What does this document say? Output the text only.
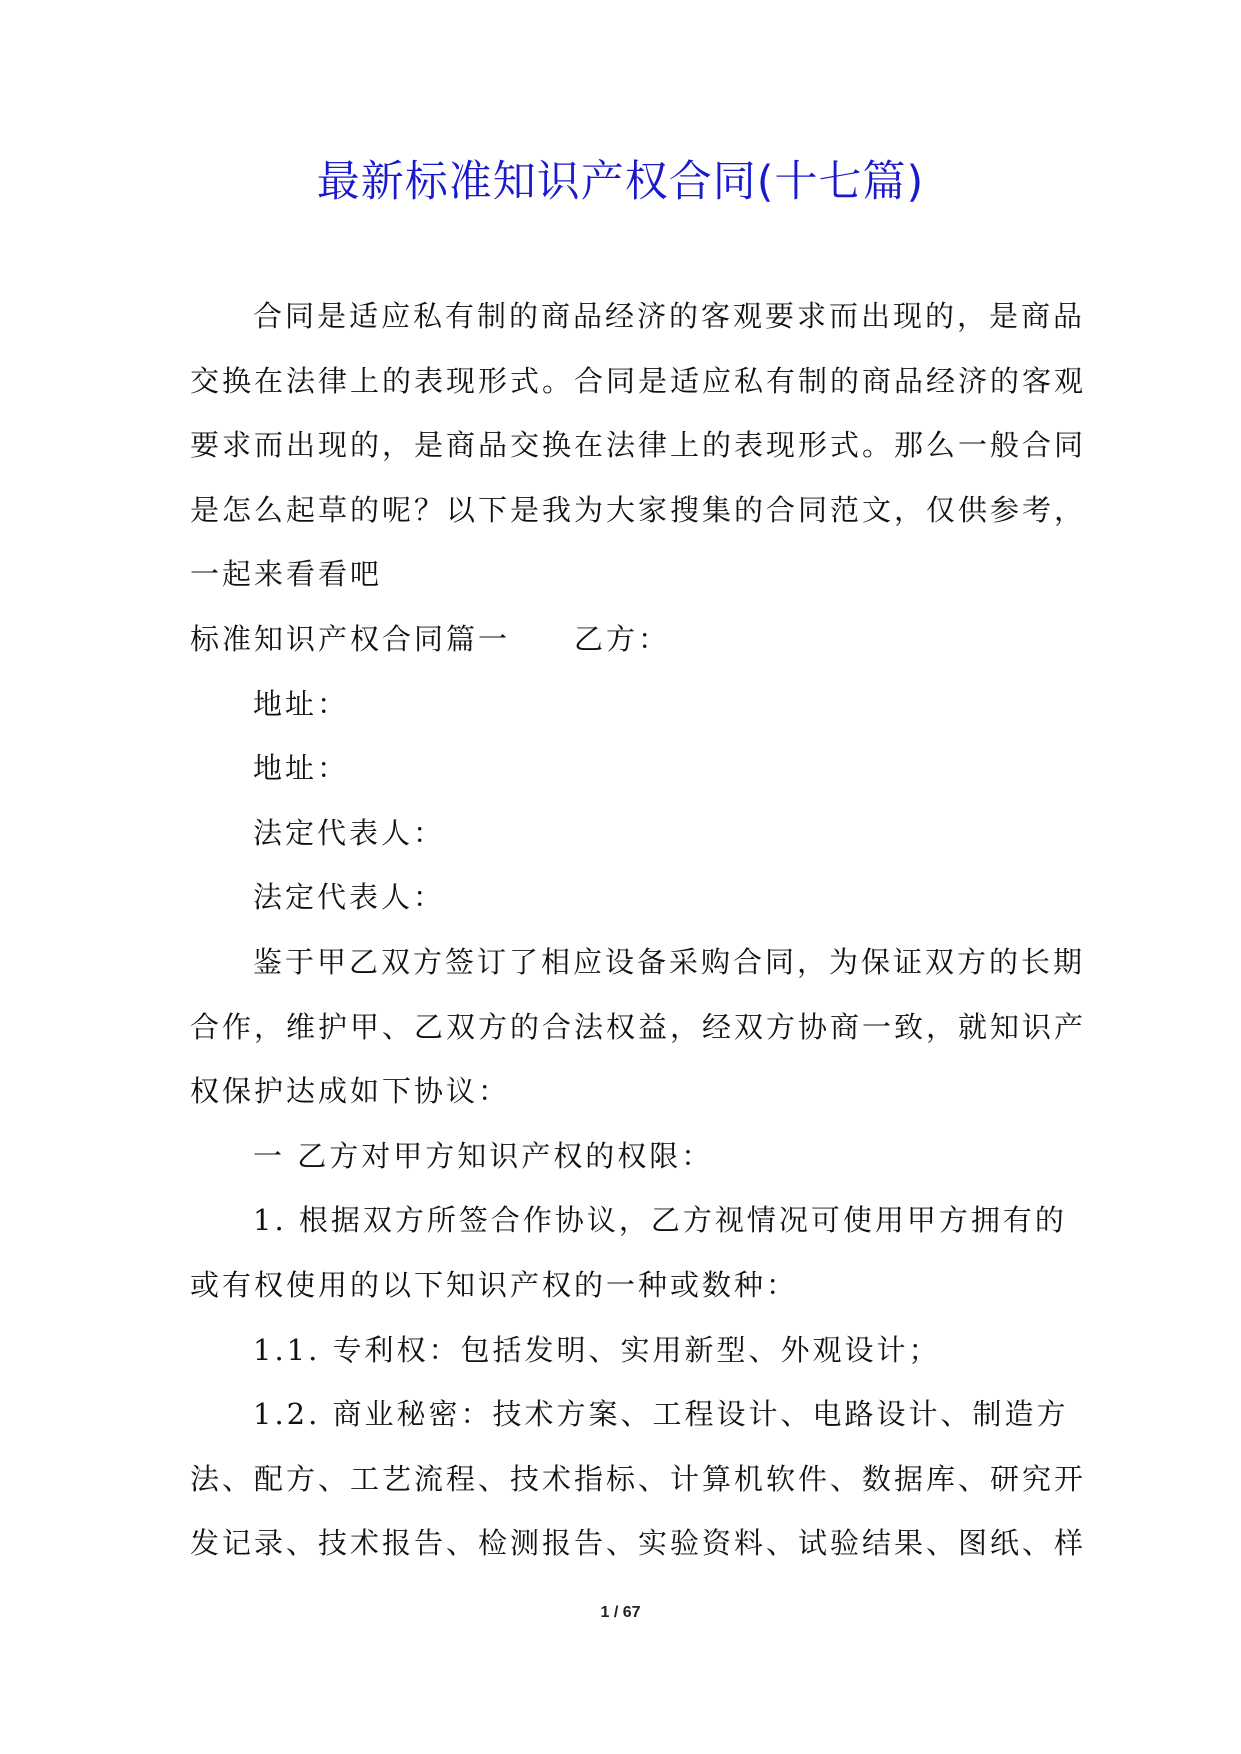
最新标准知识产权合同(十七篇)
合同是适应私有制的商品经济的客观要求而出现的，是商品
交换在法律上的表现形式。合同是适应私有制的商品经济的客观
要求而出现的，是商品交换在法律上的表现形式。那么一般合同
是怎么起草的呢？以下是我为大家搜集的合同范文，仅供参考，
一起来看看吧
标准知识产权合同篇一　　乙方：
地址：
地址：
法定代表人：
法定代表人：
鉴于甲乙双方签订了相应设备采购合同，为保证双方的长期
合作，维护甲、乙双方的合法权益，经双方协商一致，就知识产
权保护达成如下协议：
一 乙方对甲方知识产权的权限：
1. 根据双方所签合作协议，乙方视情况可使用甲方拥有的
或有权使用的以下知识产权的一种或数种：
1.1. 专利权：包括发明、实用新型、外观设计；
1.2. 商业秘密：技术方案、工程设计、电路设计、制造方
法、配方、工艺流程、技术指标、计算机软件、数据库、研究开
发记录、技术报告、检测报告、实验资料、试验结果、图纸、样
1 / 67
